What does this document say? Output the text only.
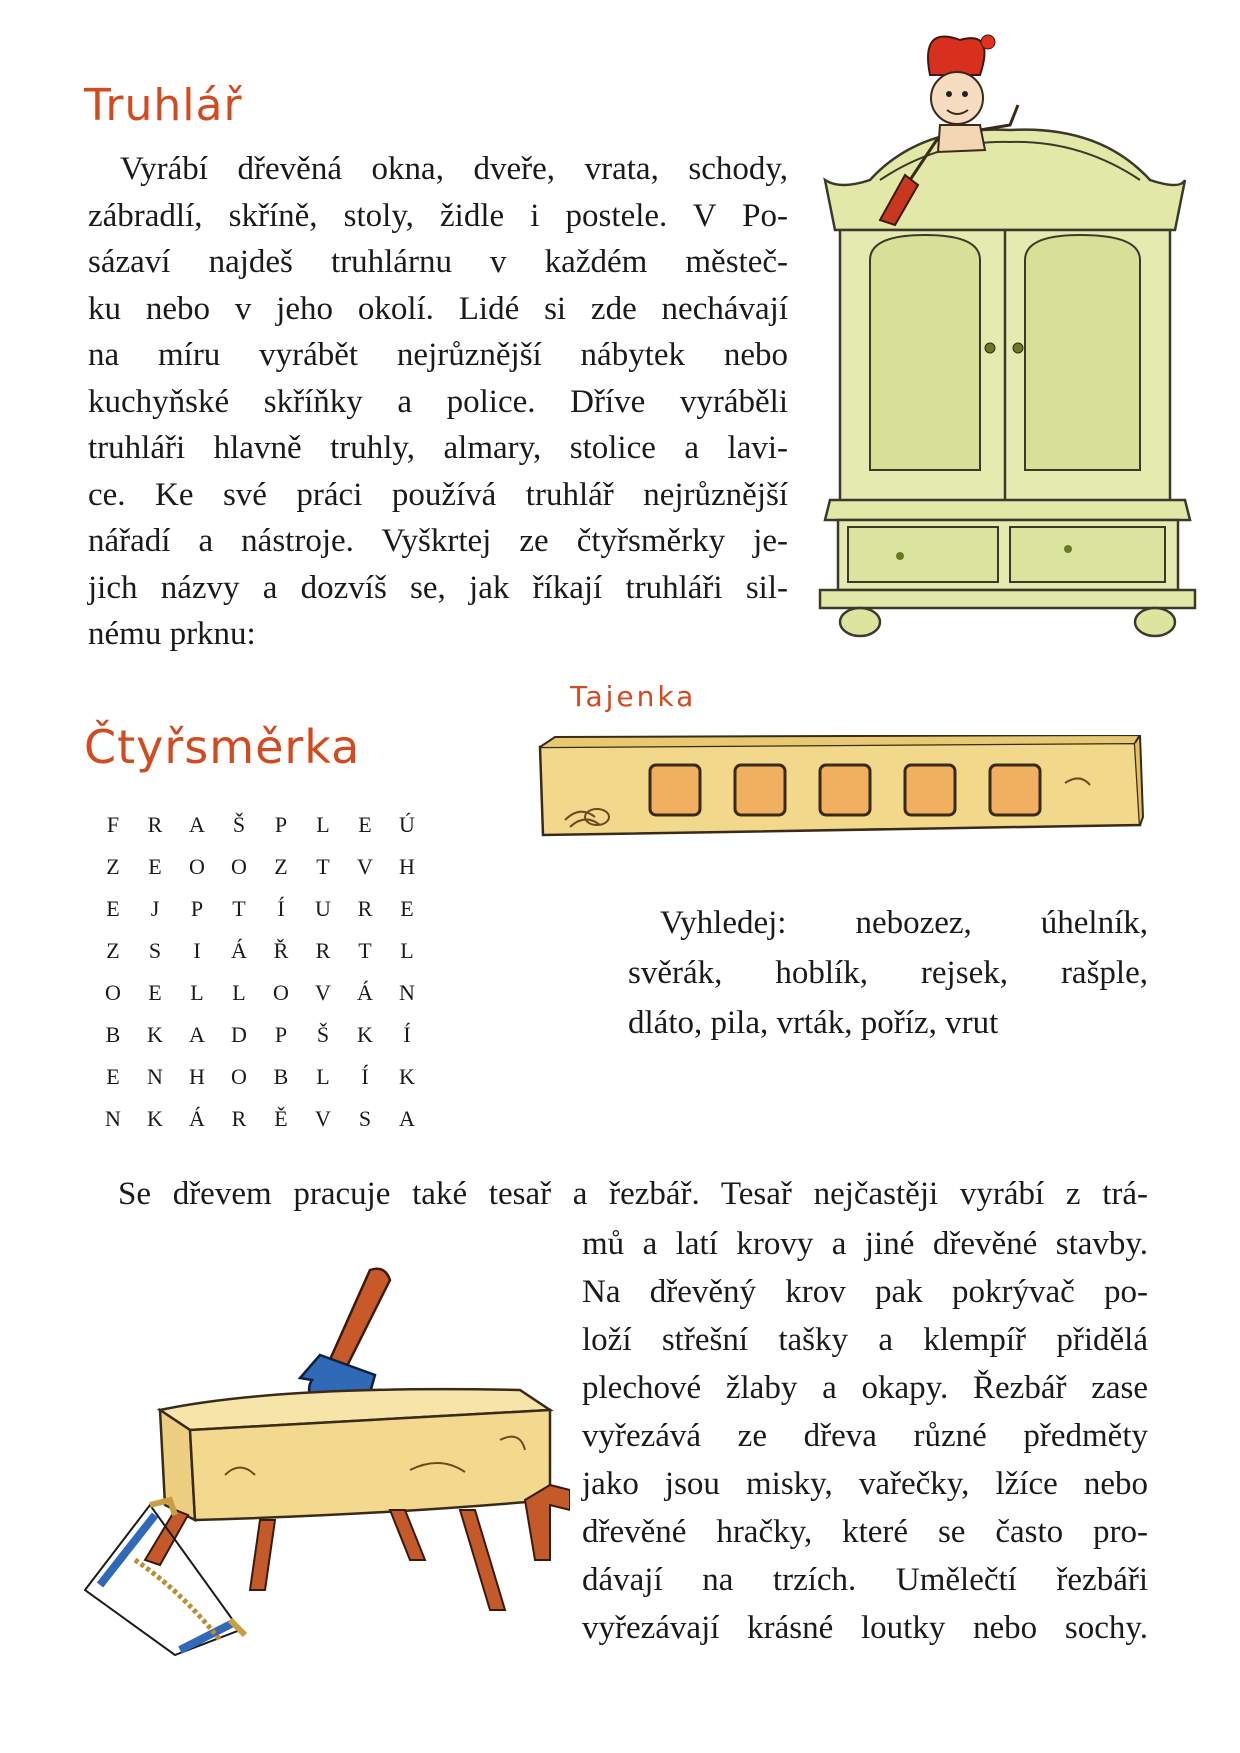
Truhlář
Vyrábí dřevěná okna, dveře, vrata, schody,
zábradlí, skříně, stoly, židle i postele. V Po-
sázaví najdeš truhlárnu v každém městeč-
ku nebo v jeho okolí. Lidé si zde nechávají
na míru vyrábět nejrůznější nábytek nebo
kuchyňské skříňky a police. Dříve vyráběli
truhláři hlavně truhly, almary, stolice a lavi-
ce. Ke své práci používá truhlář nejrůznější
nářadí a nástroje. Vyškrtej ze čtyřsměrky je-
jich názvy a dozvíš se, jak říkají truhláři sil-
nému prknu:
Tajenka
Čtyřsměrka
F	R	A	Š	P	L	E	Ú
Z	E	O	O	Z	T	V	H
E	J	P	T	Í	U	R	E
Z	S	I	Á	Ř	R	T	L
O	E	L	L	O	V	Á	N
B	K	A	D	P	Š	K	Í
E	N	H	O	B	L	Í	K
N	K	Á	R	Ě	V	S	A
Vyhledej: nebozez, úhelník,
svěrák, hoblík, rejsek, rašple,
dláto, pila, vrták, poříz, vrut
Se dřevem pracuje také tesař a řezbář. Tesař nejčastěji vyrábí z trá-
mů a latí krovy a jiné dřevěné stavby.
Na dřevěný krov pak pokrývač po-
loží střešní tašky a klempíř přidělá
plechové žlaby a okapy. Řezbář zase
vyřezává ze dřeva různé předměty
jako jsou misky, vařečky, lžíce nebo
dřevěné hračky, které se často pro-
dávají na trzích. Umělečtí řezbáři
vyřezávají krásné loutky nebo sochy.
